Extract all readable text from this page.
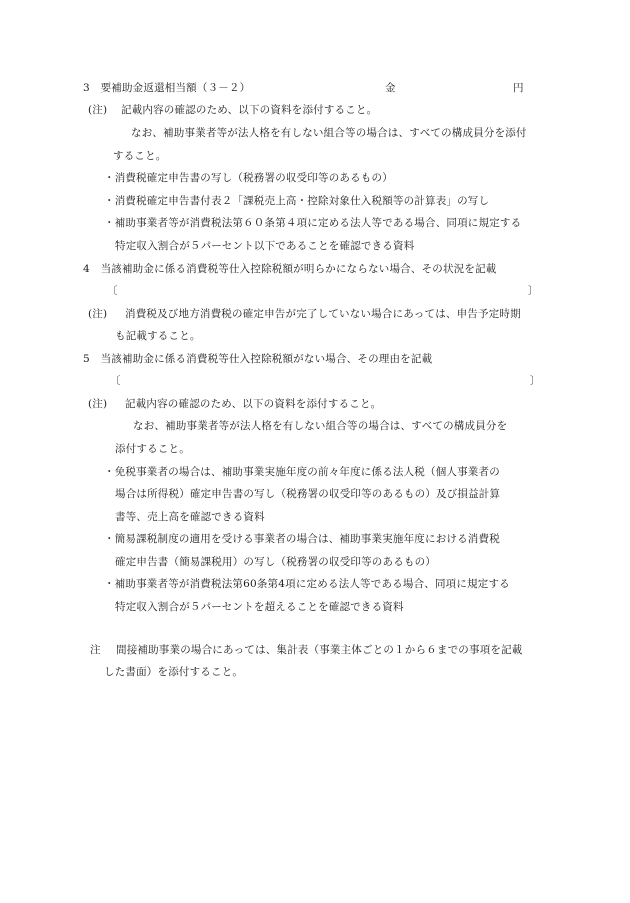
3　要補助金返還相当額（３－２）	金	円
(注) 記載内容の確認のため、以下の資料を添付すること。
なお、補助事業者等が法人格を有しない組合等の場合は、すべての構成員分を添付
すること。
・消費税確定申告書の写し（税務署の収受印等のあるもの）
・消費税確定申告書付表２「課税売上高・控除対象仕入税額等の計算表」の写し
・補助事業者等が消費税法第６０条第４項に定める法人等である場合、同項に規定する
特定収入割合が５パーセント以下であることを確認できる資料
4　当該補助金に係る消費税等仕入控除税額が明らかにならない場合、その状況を記載
〔	〕
(注) 消費税及び地方消費税の確定申告が完了していない場合にあっては、申告予定時期
も記載すること。
5　当該補助金に係る消費税等仕入控除税額がない場合、その理由を記載
〔	〕
(注) 記載内容の確認のため、以下の資料を添付すること。
なお、補助事業者等が法人格を有しない組合等の場合は、すべての構成員分を
添付すること。
・免税事業者の場合は、補助事業実施年度の前々年度に係る法人税（個人事業者の
場合は所得税）確定申告書の写し（税務署の収受印等のあるもの）及び損益計算
書等、売上高を確認できる資料
・簡易課税制度の適用を受ける事業者の場合は、補助事業実施年度における消費税
確定申告書（簡易課税用）の写し（税務署の収受印等のあるもの）
・補助事業者等が消費税法第60条第4項に定める法人等である場合、同項に規定する
特定収入割合が５パーセントを超えることを確認できる資料
注 間接補助事業の場合にあっては、集計表（事業主体ごとの１から６までの事項を記載
した書面）を添付すること。
